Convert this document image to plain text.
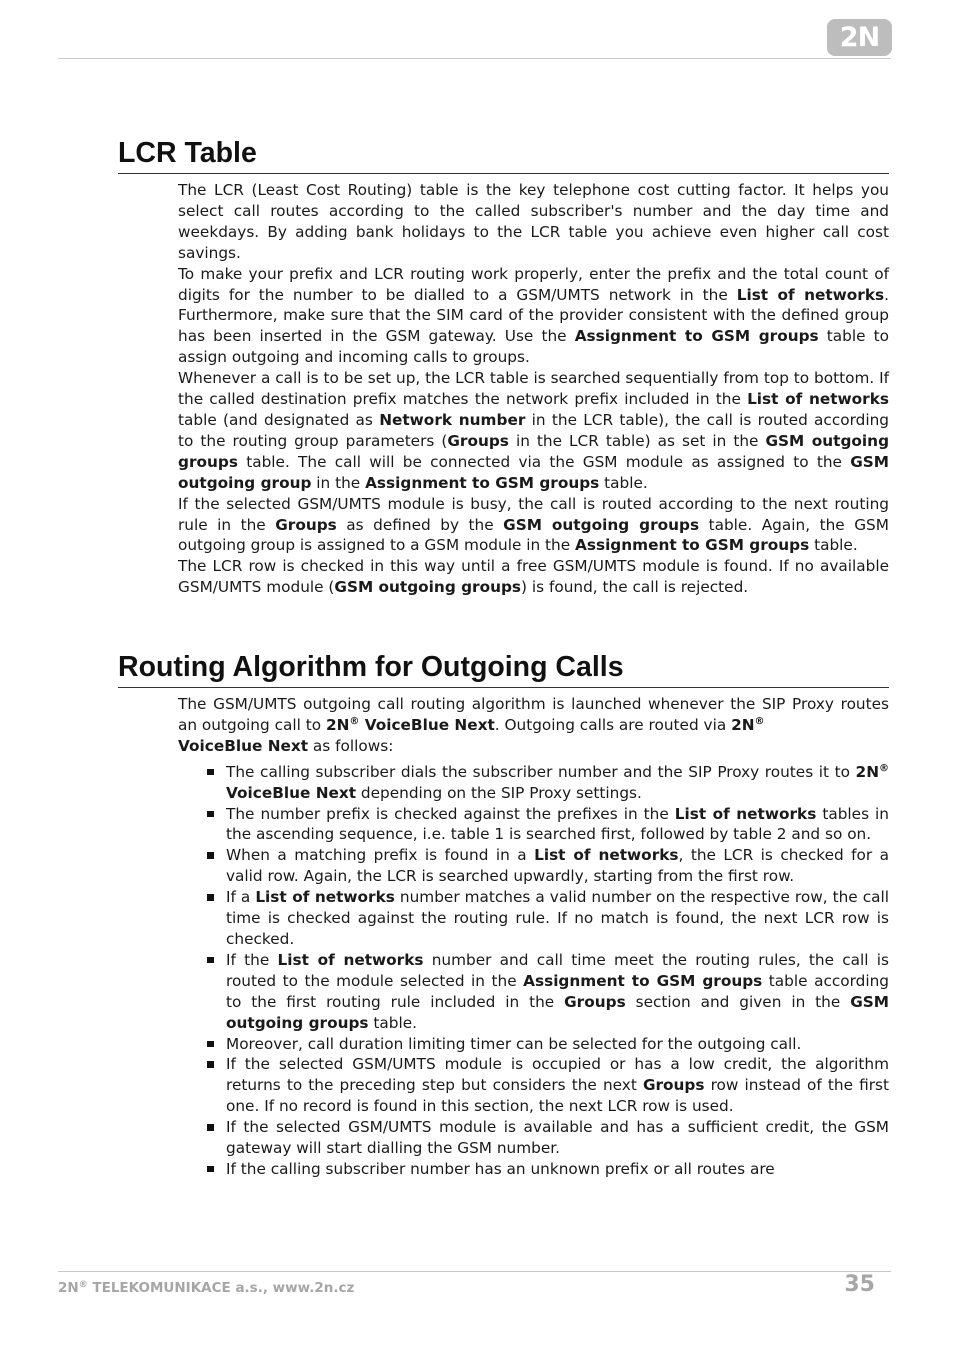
2N
LCR Table

The LCR (Least Cost Routing) table is the key telephone cost cutting factor. It helps you select call routes according to the called subscriber's number and the day time and weekdays. By adding bank holidays to the LCR table you achieve even higher call cost savings.

To make your prefix and LCR routing work properly, enter the prefix and the total count of digits for the number to be dialled to a GSM/UMTS network in the List of networks. Furthermore, make sure that the SIM card of the provider consistent with the defined group has been inserted in the GSM gateway. Use the Assignment to GSM groups table to assign outgoing and incoming calls to groups.

Whenever a call is to be set up, the LCR table is searched sequentially from top to bottom. If the called destination prefix matches the network prefix included in the List of networks table (and designated as Network number in the LCR table), the call is routed according to the routing group parameters (Groups in the LCR table) as set in the GSM outgoing groups table. The call will be connected via the GSM module as assigned to the GSM outgoing group in the Assignment to GSM groups table.

If the selected GSM/UMTS module is busy, the call is routed according to the next routing rule in the Groups as defined by the GSM outgoing groups table. Again, the GSM outgoing group is assigned to a GSM module in the Assignment to GSM groups table.

The LCR row is checked in this way until a free GSM/UMTS module is found. If no available GSM/UMTS module (GSM outgoing groups) is found, the call is rejected.

Routing Algorithm for Outgoing Calls

The GSM/UMTS outgoing call routing algorithm is launched whenever the SIP Proxy routes an outgoing call to 2N® VoiceBlue Next. Outgoing calls are routed via 2N®
VoiceBlue Next as follows:

The calling subscriber dials the subscriber number and the SIP Proxy routes it to 2N® VoiceBlue Next depending on the SIP Proxy settings.
The number prefix is checked against the prefixes in the List of networks tables in the ascending sequence, i.e. table 1 is searched first, followed by table 2 and so on.
When a matching prefix is found in a List of networks, the LCR is checked for a valid row. Again, the LCR is searched upwardly, starting from the first row.
If a List of networks number matches a valid number on the respective row, the call time is checked against the routing rule. If no match is found, the next LCR row is checked.
If the List of networks number and call time meet the routing rules, the call is routed to the module selected in the Assignment to GSM groups table according to the first routing rule included in the Groups section and given in the GSM outgoing groups table.
Moreover, call duration limiting timer can be selected for the outgoing call.
If the selected GSM/UMTS module is occupied or has a low credit, the algorithm returns to the preceding step but considers the next Groups row instead of the first one. If no record is found in this section, the next LCR row is used.
If the selected GSM/UMTS module is available and has a sufficient credit, the GSM gateway will start dialling the GSM number.
If the calling subscriber number has an unknown prefix or all routes are
2N® TELEKOMUNIKACE a.s., www.2n.cz	35
